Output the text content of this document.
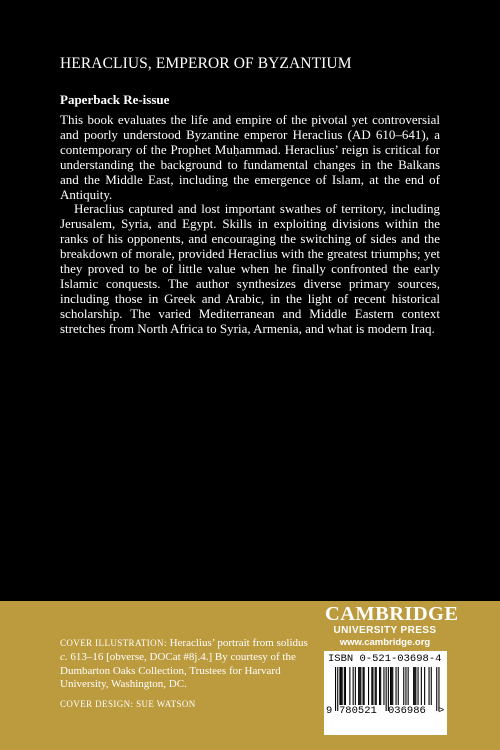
HERACLIUS, EMPEROR OF BYZANTIUM
Paperback Re-issue

This book evaluates the life and empire of the pivotal yet controversial and poorly understood Byzantine emperor Heraclius (AD 610–641), a contemporary of the Prophet Muḥammad. Heraclius’ reign is critical for understanding the background to fundamental changes in the Balkans and the Middle East, including the emergence of Islam, at the end of Antiquity.

Heraclius captured and lost important swathes of territory, including Jerusalem, Syria, and Egypt. Skills in exploiting divisions within the ranks of his opponents, and encouraging the switching of sides and the breakdown of morale, provided Heraclius with the greatest triumphs; yet they proved to be of little value when he finally confronted the early Islamic conquests. The author synthesizes diverse primary sources, including those in Greek and Arabic, in the light of recent historical scholarship. The varied Mediterranean and Middle Eastern context stretches from North Africa to Syria, Armenia, and what is modern Iraq.

COVER ILLUSTRATION: Heraclius’ portrait from solidus c. 613–16 [obverse, DOCat #8j.4.] By courtesy of the Dumbarton Oaks Collection, Trustees for Harvard University, Washington, DC.

COVER DESIGN: SUE WATSON

CAMBRIDGE
UNIVERSITY PRESS
www.cambridge.org
ISBN 0-521-03698-4
9 780521 036986 >
